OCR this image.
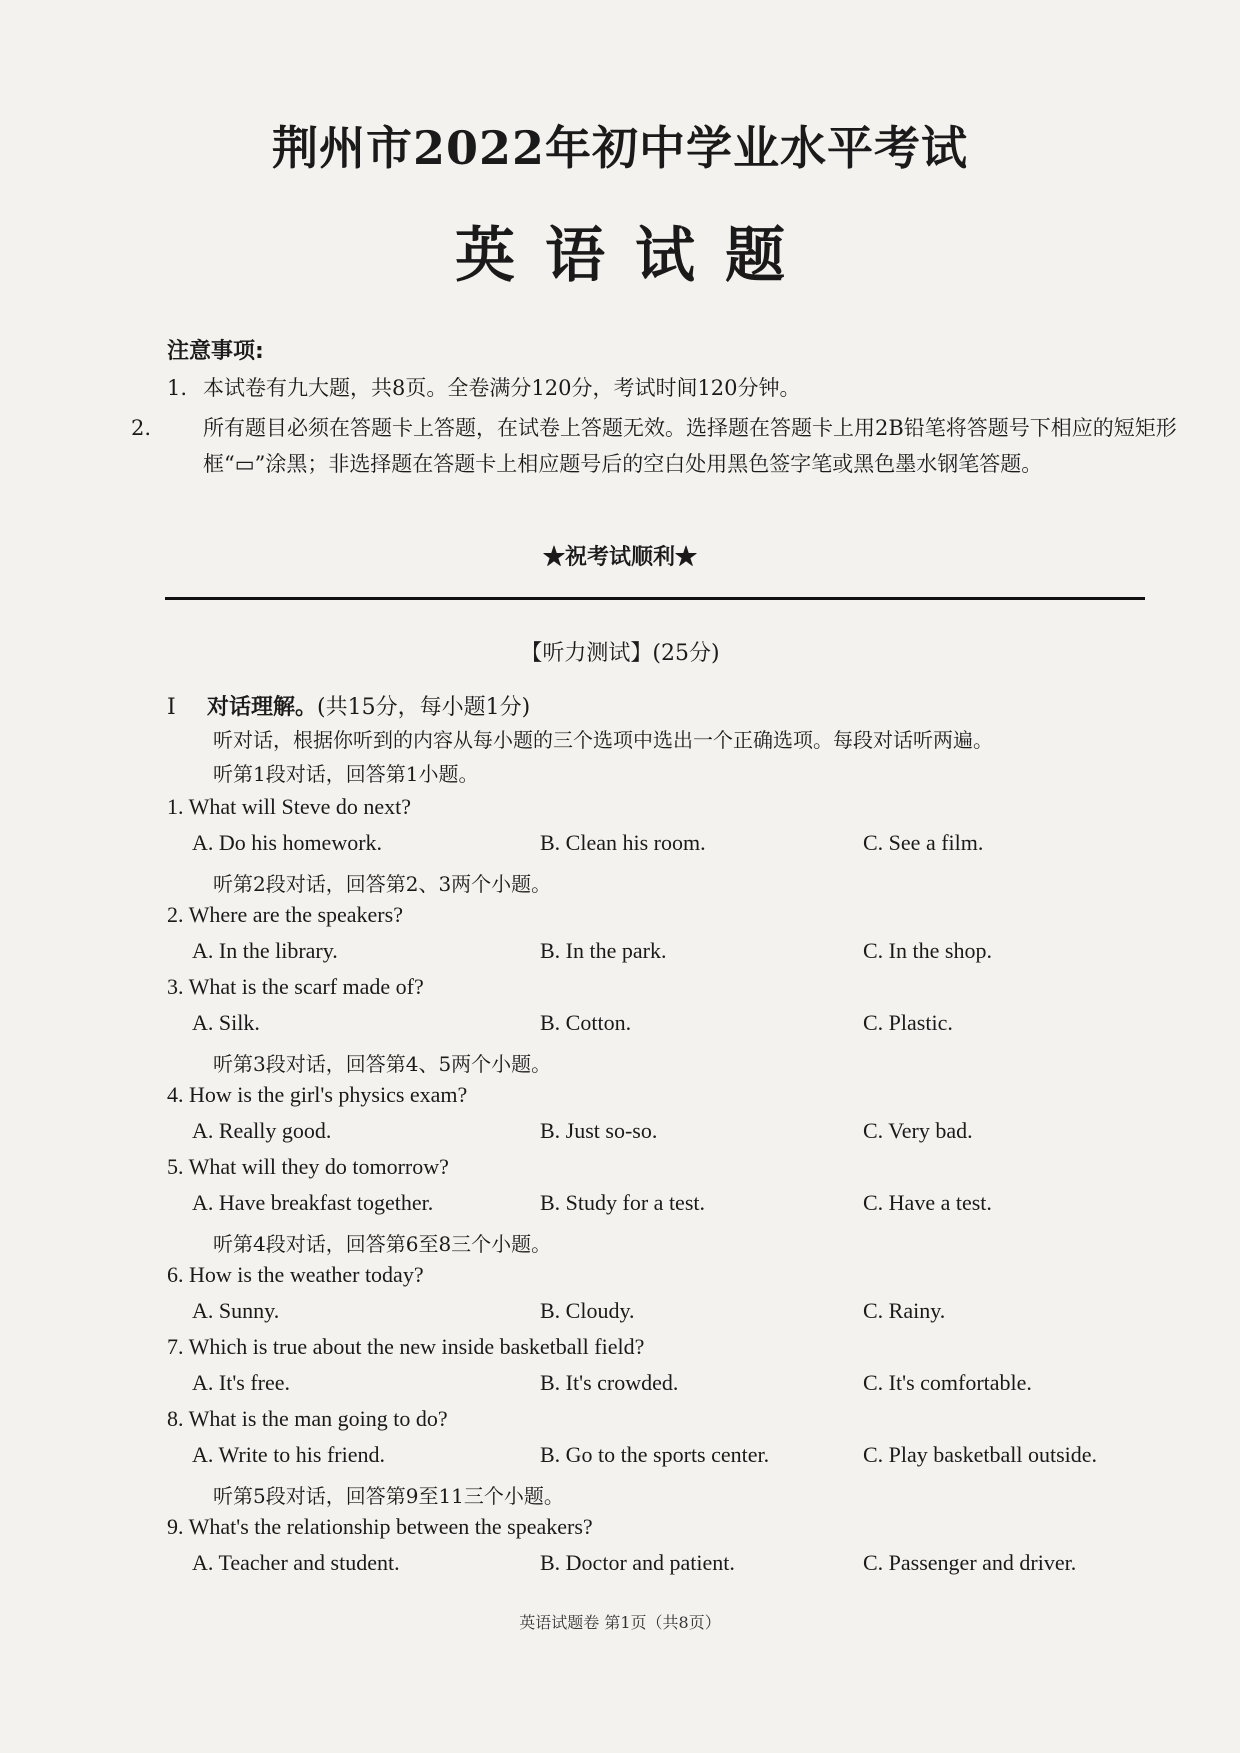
荆州市2022年初中学业水平考试
英语试题
注意事项:
1. 本试卷有九大题，共8页。全卷满分120分，考试时间120分钟。
2. 所有题目必须在答题卡上答题，在试卷上答题无效。选择题在答题卡上用2B铅笔将答题号下相应的短矩形框“▭”涂黑；非选择题在答题卡上相应题号后的空白处用黑色签字笔或黑色墨水钢笔答题。
★祝考试顺利★
【听力测试】(25分)
I 对话理解。(共15分，每小题1分)
听对话，根据你听到的内容从每小题的三个选项中选出一个正确选项。每段对话听两遍。
听第1段对话，回答第1小题。
1. What will Steve do next?
A. Do his homework.	B. Clean his room.	C. See a film.
听第2段对话，回答第2、3两个小题。
2. Where are the speakers?
A. In the library.	B. In the park.	C. In the shop.
3. What is the scarf made of?
A. Silk.	B. Cotton.	C. Plastic.
听第3段对话，回答第4、5两个小题。
4. How is the girl's physics exam?
A. Really good.	B. Just so-so.	C. Very bad.
5. What will they do tomorrow?
A. Have breakfast together.	B. Study for a test.	C. Have a test.
听第4段对话，回答第6至8三个小题。
6. How is the weather today?
A. Sunny.	B. Cloudy.	C. Rainy.
7. Which is true about the new inside basketball field?
A. It's free.	B. It's crowded.	C. It's comfortable.
8. What is the man going to do?
A. Write to his friend.	B. Go to the sports center.	C. Play basketball outside.
听第5段对话，回答第9至11三个小题。
9. What's the relationship between the speakers?
A. Teacher and student.	B. Doctor and patient.	C. Passenger and driver.
英语试题卷 第1页（共8页）
